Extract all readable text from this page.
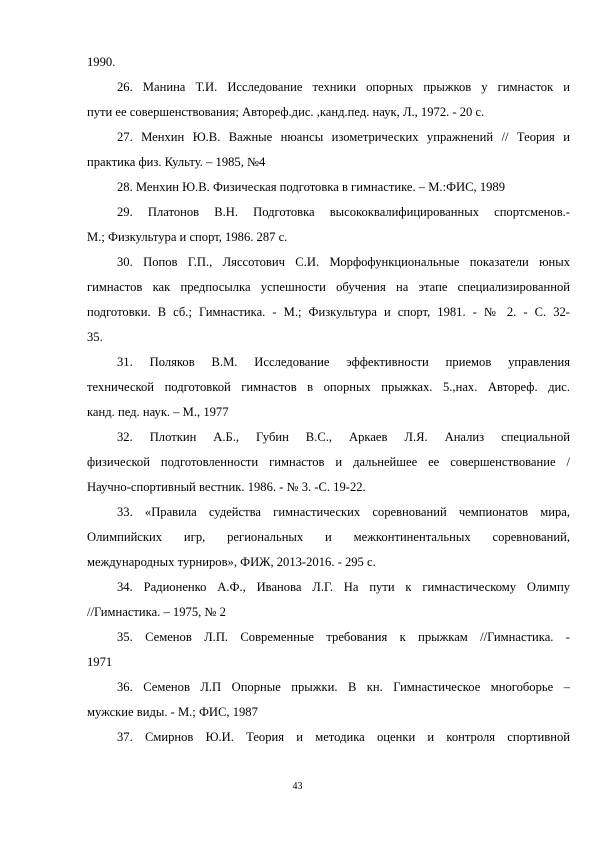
1990.
26. Манина Т.И. Исследование техники опорных прыжков у гимнасток и
пути ее совершенствования; Автореф.дис. ,канд.пед. наук, Л., 1972. - 20 с.
27. Менхин Ю.В. Важные нюансы изометрических упражнений // Теория и
практика физ. Культу. – 1985, №4
28. Менхин Ю.В. Физическая подготовка в гимнастике. – М.:ФИС, 1989
29. Платонов В.Н. Подготовка высококвалифицированных спортсменов.-
М.; Физкультура и спорт, 1986. 287 с.
30. Попов Г.П., Ляссотович С.И. Морфофункциональные показатели юных
гимнастов как предпосылка успешности обучения на этапе специализированной
подготовки. В сб.; Гимнастика. - М.; Физкультура и спорт, 1981. - № 2. - С. 32-
35.
31. Поляков В.М. Исследование эффективности приемов управления
технической подготовкой гимнастов в опорных прыжках. 5.,нах. Автореф. дис.
канд. пед. наук. – М., 1977
32. Плоткин А.Б., Губин В.С., Аркаев Л.Я. Анализ специальной
физической подготовленности гимнастов и дальнейшее ее совершенствование /
Научно-спортивный вестник. 1986. - № 3. -С. 19-22.
33. «Правила судейства гимнастических соревнований чемпионатов мира,
Олимпийских игр, региональных и межконтинентальных соревнований,
международных турниров», ФИЖ, 2013-2016. - 295 с.
34. Радионенко А.Ф., Иванова Л.Г. На пути к гимнастическому Олимпу
//Гимнастика. – 1975, № 2
35. Семенов Л.П. Современные требования к прыжкам //Гимнастика. -
1971
36. Семенов Л.П Опорные прыжки. В кн. Гимнастическое многоборье –
мужские виды. - М.; ФИС, 1987
37. Смирнов Ю.И. Теория и методика оценки и контроля спортивной
43
